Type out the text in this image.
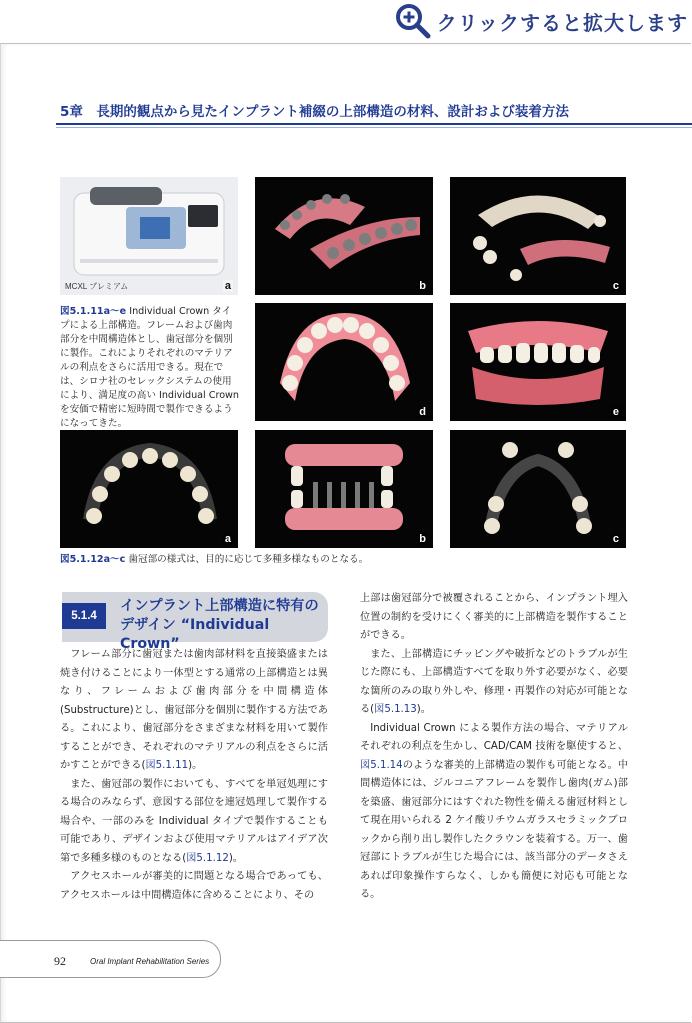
クリックすると拡大します
5章　長期的観点から見たインプラント補綴の上部構造の材料、設計および装着方法
MCXL プレミアム	a	b	c
図5.1.11a〜e Individual Crown タイプによる上部構造。フレームおよび歯肉部分を中間構造体とし、歯冠部分を個別に製作。これによりそれぞれのマテリアルの利点をさらに活用できる。現在では、シロナ社のセレックシステムの使用により、満足度の高い Individual Crown を安価で精密に短時間で製作できるようになってきた。
d	e
a	b	c
図5.1.12a〜c 歯冠部の様式は、目的に応じて多種多様なものとなる。
5.1.4
インプラント上部構造に特有の
デザイン “Individual Crown”

フレーム部分に歯冠または歯肉部材料を直接築盛または焼き付けることにより一体型とする通常の上部構造とは異なり、フレームおよび歯肉部分を中間構造体(Substructure)とし、歯冠部分を個別に製作する方法である。これにより、歯冠部分をさまざまな材料を用いて製作することができ、それぞれのマテリアルの利点をさらに活かすことができる(図5.1.11)。

また、歯冠部の製作においても、すべてを単冠処理にする場合のみならず、意図する部位を連冠処理して製作する場合や、一部のみを Individual タイプで製作することも可能であり、デザインおよび使用マテリアルはアイデア次第で多種多様のものとなる(図5.1.12)。

アクセスホールが審美的に問題となる場合であっても、アクセスホールは中間構造体に含めることにより、その

上部は歯冠部分で被覆されることから、インプラント埋入位置の制約を受けにくく審美的に上部構造を製作することができる。

また、上部構造にチッピングや破折などのトラブルが生じた際にも、上部構造すべてを取り外す必要がなく、必要な箇所のみの取り外しや、修理・再製作の対応が可能となる(図5.1.13)。

Individual Crown による製作方法の場合、マテリアルそれぞれの利点を生かし、CAD/CAM 技術を駆使すると、図5.1.14のような審美的上部構造の製作も可能となる。中間構造体には、ジルコニアフレームを製作し歯肉(ガム)部を築盛、歯冠部分にはすぐれた物性を備える歯冠材料として現在用いられる 2 ケイ酸リチウムガラスセラミックブロックから削り出し製作したクラウンを装着する。万一、歯冠部にトラブルが生じた場合には、該当部分のデータさえあれば印象操作すらなく、しかも簡便に対応も可能となる。

92	Oral Implant Rehabilitation Series
